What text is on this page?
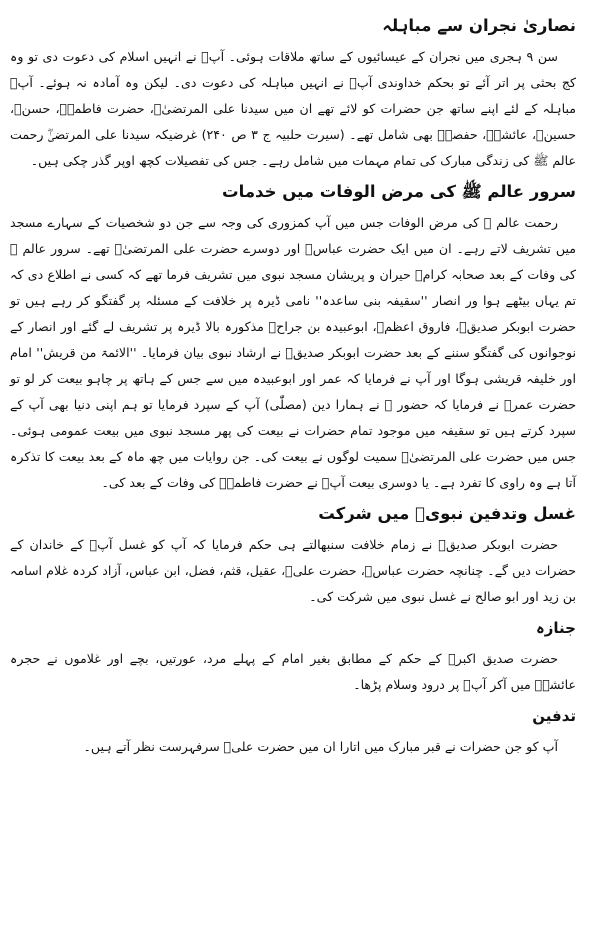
نصاریٰ نجران سے مباہلہ

سن ۹ ہجری میں نجران کے عیسائیوں کے ساتھ ملاقات ہوئی۔ آپؐ نے انہیں اسلام کی دعوت دی تو وہ کج بحثی پر اتر آئے تو بحکم خداوندی آپؐ نے انہیں مباہلہ کی دعوت دی۔ لیکن وہ آمادہ نہ ہوئے۔ آپؐ مباہلہ کے لئے اپنے ساتھ جن حضرات کو لائے تھے ان میں سیدنا علی المرتضیٰؓ، حضرت فاطمہؓ، حسنؓ، حسینؓ، عائشہؓ، حفصہؓ بھی شامل تھے۔ (سیرت حلبیہ ج ۳ ص ۲۴۰) غرضیکہ سیدنا علی المرتضیٰؓ رحمت عالم ﷺ کی زندگی مبارک کی تمام مہمات میں شامل رہے۔ جس کی تفصیلات کچھ اوپر گذر چکی ہیں۔

سرور عالم ﷺ کی مرض الوفات میں خدمات

رحمت عالم ﷺ کی مرض الوفات جس میں آپ کمزوری کی وجہ سے جن دو شخصیات کے سہارے مسجد میں تشریف لاتے رہے۔ ان میں ایک حضرت عباسؓ اور دوسرے حضرت علی المرتضیٰؓ تھے۔ سرور عالم ﷺ کی وفات کے بعد صحابہ کرامؓ حیران و پریشان مسجد نبوی میں تشریف فرما تھے کہ کسی نے اطلاع دی کہ تم یہاں بیٹھے ہوا ور انصار ''سقیفہ بنی ساعدہ'' نامی ڈیرہ پر خلافت کے مسئلہ پر گفتگو کر رہے ہیں تو حضرت ابوبکر صدیقؓ، فاروق اعظمؓ، ابوعبیدہ بن جراحؓ مذکورہ بالا ڈیرہ پر تشریف لے گئے اور انصار کے نوجوانوں کی گفتگو سننے کے بعد حضرت ابوبکر صدیقؓ نے ارشاد نبوی بیان فرمایا۔ ''الائمۃ من قریش'' امام اور خلیفہ قریشی ہوگا اور آپ نے فرمایا کہ عمر اور ابوعبیدہ میں سے جس کے ہاتھ پر چاہو بیعت کر لو تو حضرت عمرؓ نے فرمایا کہ حضور ﷺ نے ہمارا دین (مصلّٰی) آپ کے سپرد فرمایا تو ہم اپنی دنیا بھی آپ کے سپرد کرتے ہیں تو سقیفہ میں موجود تمام حضرات نے بیعت کی پھر مسجد نبوی میں بیعت عمومی ہوئی۔ جس میں حضرت علی المرتضیٰؓ سمیت لوگوں نے بیعت کی۔ جن روایات میں چھ ماہ کے بعد بیعت کا تذکرہ آتا ہے وہ راوی کا تفرد ہے۔ یا دوسری بیعت آپؓ نے حضرت فاطمہؓ کی وفات کے بعد کی۔

غسل وتدفین نبویؐ میں شرکت

حضرت ابوبکر صدیقؓ نے زمام خلافت سنبھالتے ہی حکم فرمایا کہ آپ کو غسل آپؐ کے خاندان کے حضرات دیں گے۔ چنانچہ حضرت عباسؓ، حضرت علیؓ، عقیل، قثم، فضل، ابن عباس، آزاد کردہ غلام اسامہ بن زید اور ابو صالح نے غسل نبوی میں شرکت کی۔

جنازہ

حضرت صدیق اکبرؓ کے حکم کے مطابق بغیر امام کے پہلے مرد، عورتیں، بچے اور غلاموں نے حجرہ عائشہؓ میں آکر آپؐ پر درود وسلام پڑھا۔

تدفین

آپ کو جن حضرات نے قبر مبارک میں اتارا ان میں حضرت علیؓ سرفہرست نظر آتے ہیں۔
